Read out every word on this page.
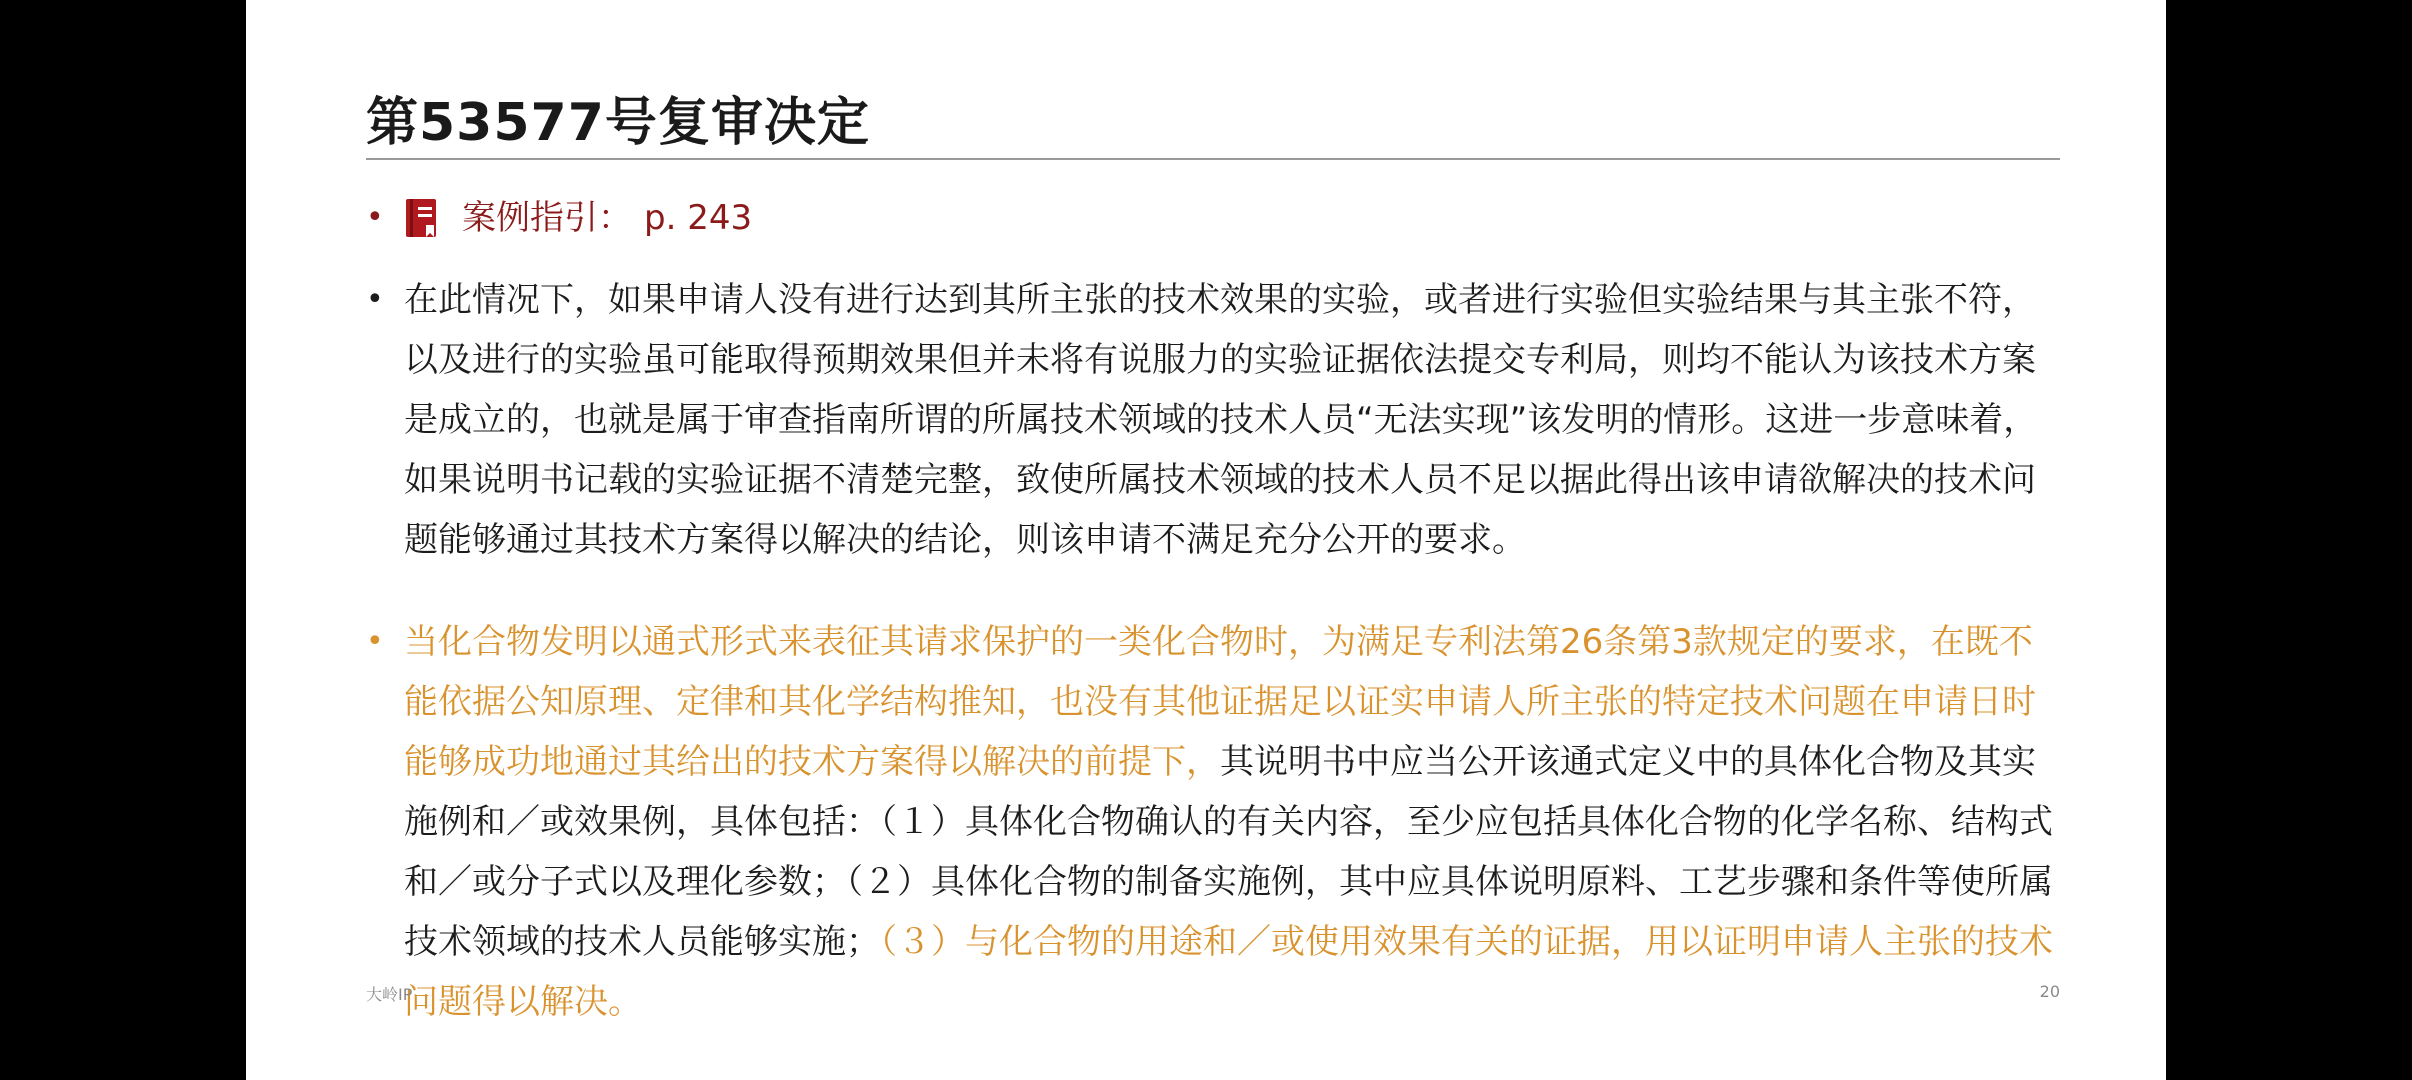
第53577号复审决定
•	案例指引： p. 243
• 在此情况下，如果申请人没有进行达到其所主张的技术效果的实验，或者进行实验但实验结果与其主张不符，以及进行的实验虽可能取得预期效果但并未将有说服力的实验证据依法提交专利局，则均不能认为该技术方案是成立的，也就是属于审查指南所谓的所属技术领域的技术人员“无法实现”该发明的情形。这进一步意味着，如果说明书记载的实验证据不清楚完整，致使所属技术领域的技术人员不足以据此得出该申请欲解决的技术问题能够通过其技术方案得以解决的结论，则该申请不满足充分公开的要求。
• 当化合物发明以通式形式来表征其请求保护的一类化合物时，为满足专利法第26条第3款规定的要求，在既不能依据公知原理、定律和其化学结构推知，也没有其他证据足以证实申请人所主张的特定技术问题在申请日时能够成功地通过其给出的技术方案得以解决的前提下，其说明书中应当公开该通式定义中的具体化合物及其实施例和／或效果例，具体包括：（１）具体化合物确认的有关内容，至少应包括具体化合物的化学名称、结构式和／或分子式以及理化参数；（２）具体化合物的制备实施例，其中应具体说明原料、工艺步骤和条件等使所属技术领域的技术人员能够实施；（３）与化合物的用途和／或使用效果有关的证据，用以证明申请人主张的技术问题得以解决。
大岭IP	20
